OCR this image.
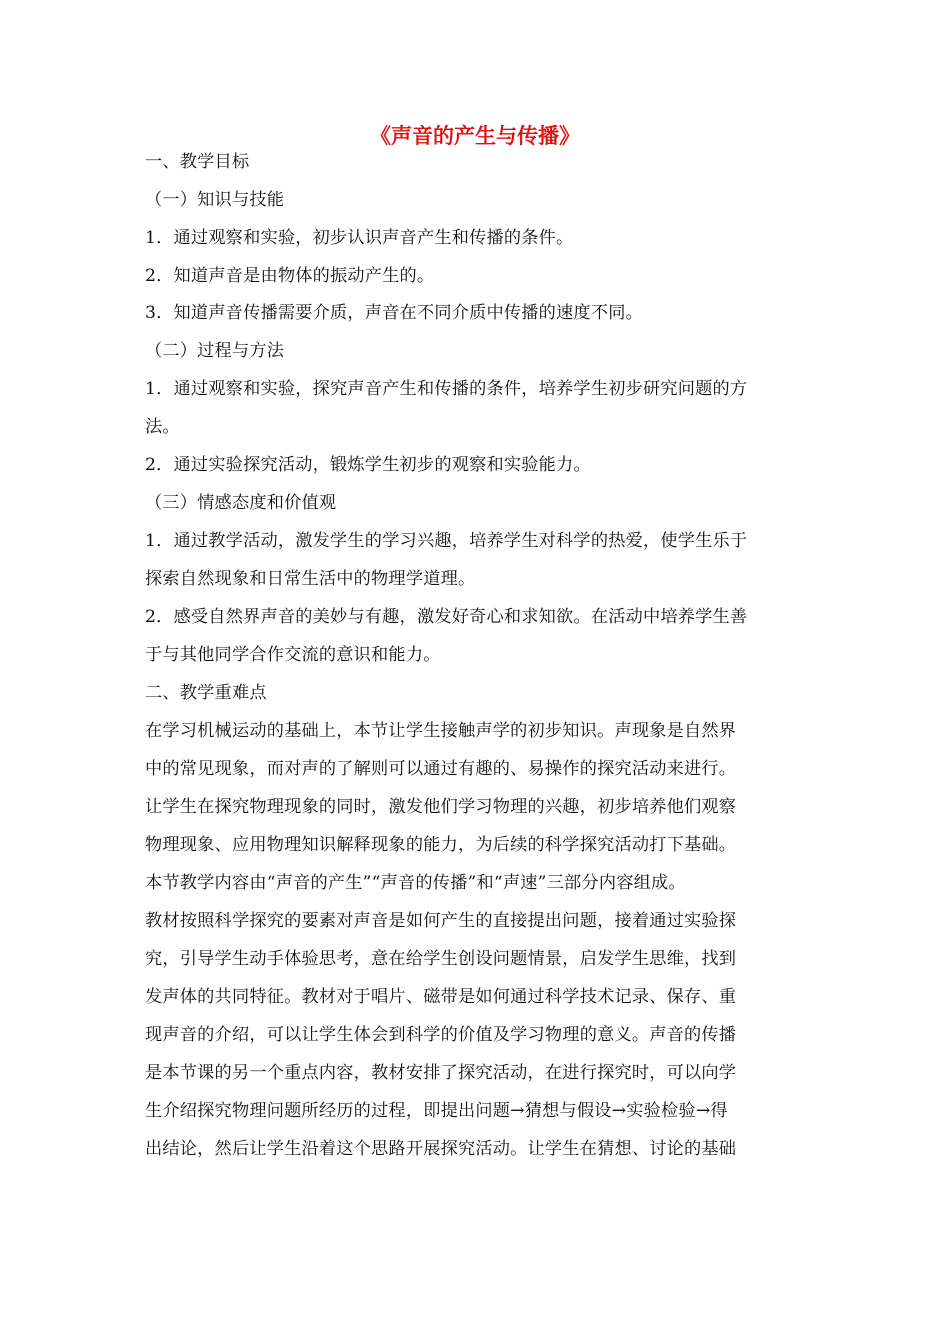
《声音的产生与传播》
一、教学目标
（一）知识与技能
1．通过观察和实验，初步认识声音产生和传播的条件。
2．知道声音是由物体的振动产生的。
3．知道声音传播需要介质，声音在不同介质中传播的速度不同。
（二）过程与方法
1．通过观察和实验，探究声音产生和传播的条件，培养学生初步研究问题的方
法。
2．通过实验探究活动，锻炼学生初步的观察和实验能力。
（三）情感态度和价值观
1．通过教学活动，激发学生的学习兴趣，培养学生对科学的热爱，使学生乐于
探索自然现象和日常生活中的物理学道理。
2．感受自然界声音的美妙与有趣，激发好奇心和求知欲。在活动中培养学生善
于与其他同学合作交流的意识和能力。
二、教学重难点
在学习机械运动的基础上，本节让学生接触声学的初步知识。声现象是自然界
中的常见现象，而对声的了解则可以通过有趣的、易操作的探究活动来进行。
让学生在探究物理现象的同时，激发他们学习物理的兴趣，初步培养他们观察
物理现象、应用物理知识解释现象的能力，为后续的科学探究活动打下基础。
本节教学内容由“声音的产生”“声音的传播”和“声速”三部分内容组成。
教材按照科学探究的要素对声音是如何产生的直接提出问题，接着通过实验探
究，引导学生动手体验思考，意在给学生创设问题情景，启发学生思维，找到
发声体的共同特征。教材对于唱片、磁带是如何通过科学技术记录、保存、重
现声音的介绍，可以让学生体会到科学的价值及学习物理的意义。声音的传播
是本节课的另一个重点内容，教材安排了探究活动，在进行探究时，可以向学
生介绍探究物理问题所经历的过程，即提出问题→猜想与假设→实验检验→得
出结论，然后让学生沿着这个思路开展探究活动。让学生在猜想、讨论的基础
